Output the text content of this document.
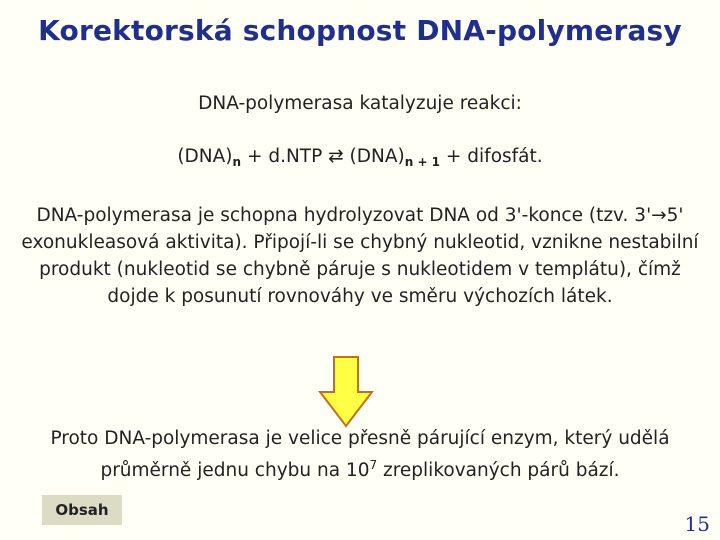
Korektorská schopnost DNA-polymerasy
DNA-polymerasa katalyzuje reakci:
$(DNA)_n + d.NTP$ ⇄ $(DNA)_{n + 1}$ + difosfát.
DNA-polymerasa je schopna hydrolyzovat DNA od 3'-konce (tzv. 3'→5' exonukleasová aktivita). Připojí-li se chybný nukleotid, vznikne nestabilní produkt (nukleotid se chybně páruje s nukleotidem v templátu), čímž dojde k posunutí rovnováhy ve směru výchozích látek.
Proto DNA-polymerasa je velice přesně párující enzym, který udělá průměrně jednu chybu na $10^7$ zreplikovaných párů bází.
Obsah
15
